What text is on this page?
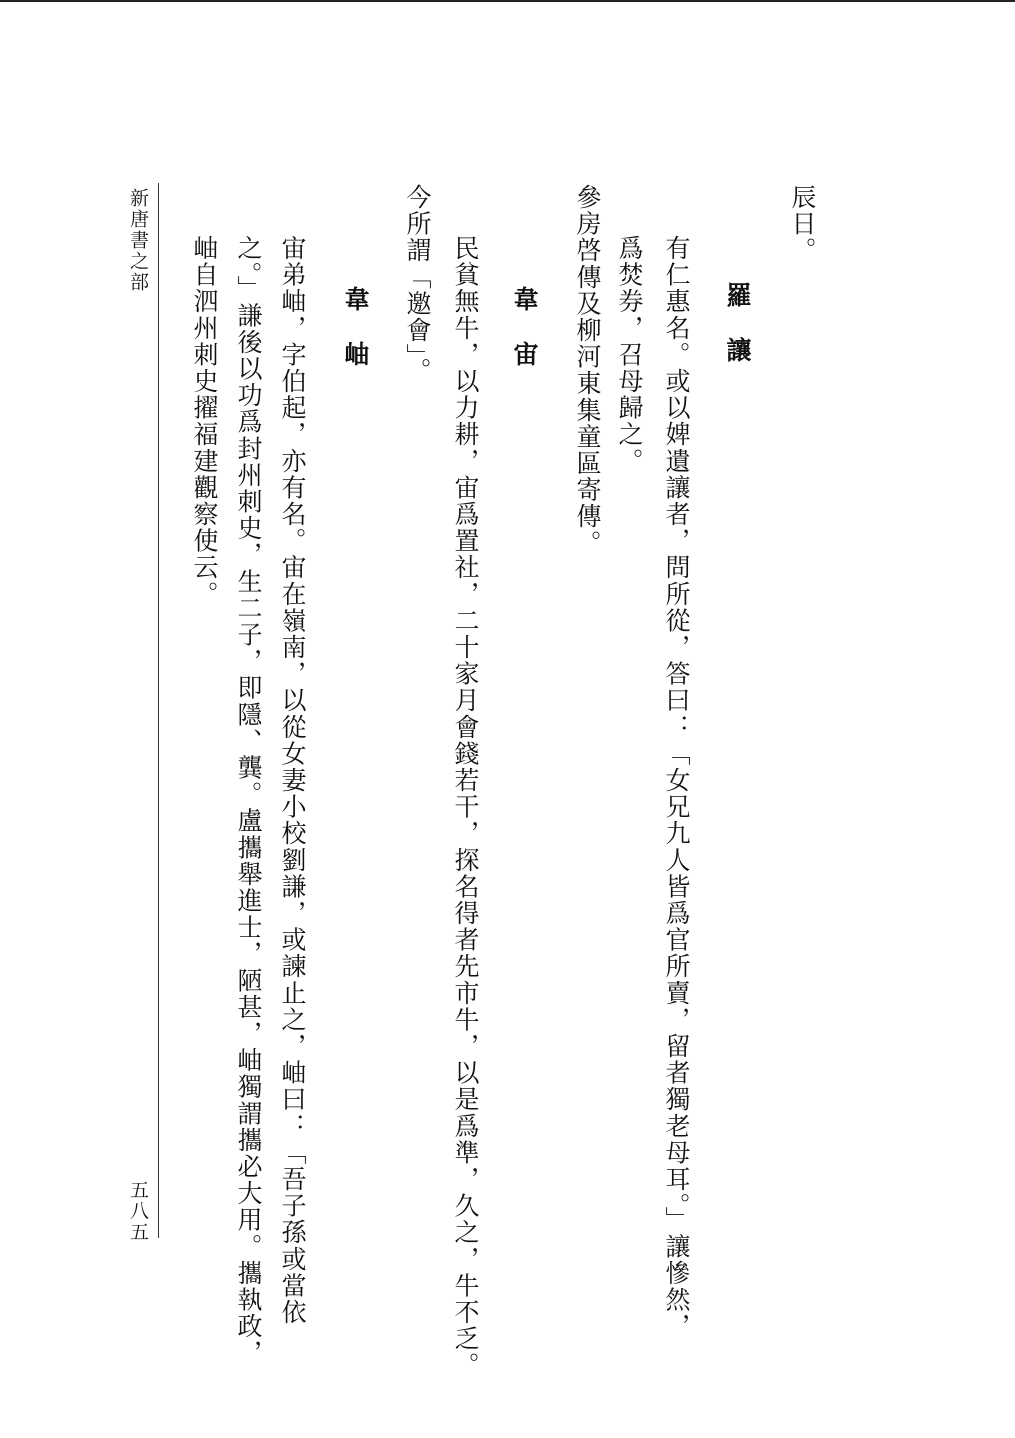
辰日。
羅讓
有仁惠名。或以婢遺讓者，問所從，答曰：「女兄九人皆爲官所賣，留者獨老母耳。」讓慘然，
爲焚券，召母歸之。
參房啓傳及柳河東集童區寄傳。
韋宙
民貧無牛，以力耕，宙爲置社，二十家月會錢若干，探名得者先市牛，以是爲準，久之，牛不乏。
今所謂「邀會」。
韋岫
宙弟岫，字伯起，亦有名。宙在嶺南，以從女妻小校劉謙，或諫止之，岫曰：「吾子孫或當依
之。」謙後以功爲封州刺史，生二子，即隱、龔。盧攜舉進士，陋甚，岫獨謂攜必大用。攜執政，
岫自泗州刺史擢福建觀察使云。
新唐書之部
五八五
